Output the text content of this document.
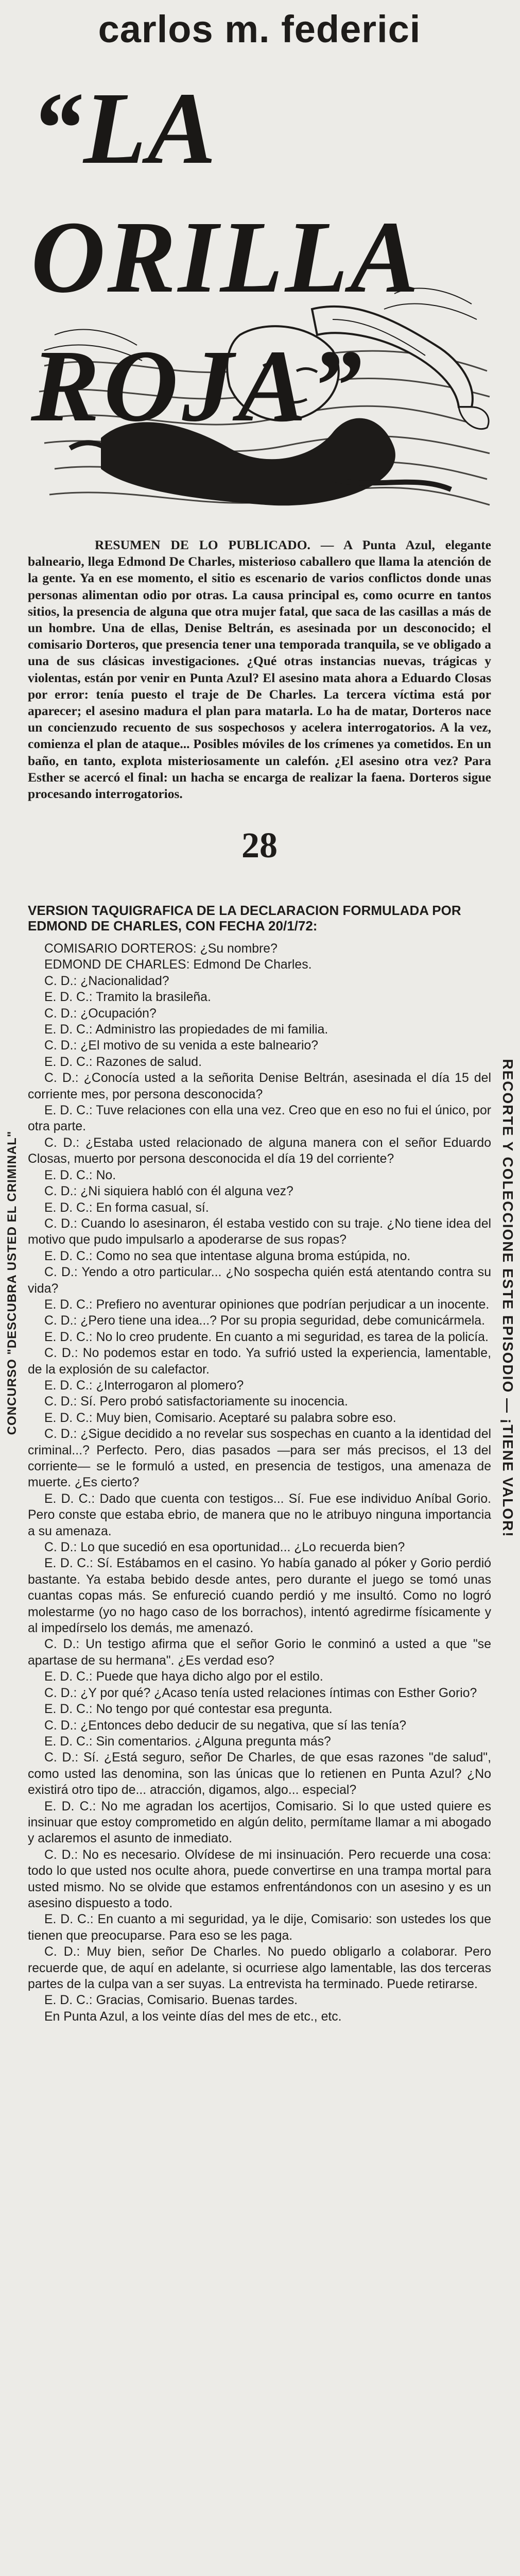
CONCURSO "DESCUBRA USTED EL CRIMINAL"	RECORTE Y COLECCIONE ESTE EPISODIO — ¡TIENE VALOR!
carlos m. federici
“LA
ORILLA
ROJA”

RESUMEN DE LO PUBLICADO. — A Punta Azul, elegante balneario, llega Edmond De Charles, misterioso caballero que llama la atención de la gente. Ya en ese momento, el sitio es escenario de varios conflictos donde unas personas alimentan odio por otras. La causa principal es, como ocurre en tantos sitios, la presencia de alguna que otra mujer fatal, que saca de las casillas a más de un hombre. Una de ellas, Denise Beltrán, es asesinada por un desconocido; el comisario Dorteros, que presencia tener una temporada tranquila, se ve obligado a una de sus clásicas investigaciones. ¿Qué otras instancias nuevas, trágicas y violentas, están por venir en Punta Azul? El asesino mata ahora a Eduardo Closas por error: tenía puesto el traje de De Charles. La tercera víctima está por aparecer; el asesino madura el plan para matarla. Lo ha de matar, Dorteros nace un concienzudo recuento de sus sospechosos y acelera interrogatorios. A la vez, comienza el plan de ataque... Posibles móviles de los crímenes ya cometidos. En un baño, en tanto, explota misteriosamente un calefón. ¿El asesino otra vez? Para Esther se acercó el final: un hacha se encarga de realizar la faena. Dorteros sigue procesando interrogatorios.

28

VERSION TAQUIGRAFICA DE LA DECLARACION FORMULADA POR EDMOND DE CHARLES, CON FECHA 20/1/72:

COMISARIO DORTEROS: ¿Su nombre?

EDMOND DE CHARLES: Edmond De Charles.

C. D.: ¿Nacionalidad?

E. D. C.: Tramito la brasileña.

C. D.: ¿Ocupación?

E. D. C.: Administro las propiedades de mi familia.

C. D.: ¿El motivo de su venida a este balneario?

E. D. C.: Razones de salud.

C. D.: ¿Conocía usted a la señorita Denise Beltrán, asesinada el día 15 del corriente mes, por persona desconocida?

E. D. C.: Tuve relaciones con ella una vez. Creo que en eso no fui el único, por otra parte.

C. D.: ¿Estaba usted relacionado de alguna manera con el señor Eduardo Closas, muerto por persona desconocida el día 19 del corriente?

E. D. C.: No.

C. D.: ¿Ni siquiera habló con él alguna vez?

E. D. C.: En forma casual, sí.

C. D.: Cuando lo asesinaron, él estaba vestido con su traje. ¿No tiene idea del motivo que pudo impulsarlo a apoderarse de sus ropas?

E. D. C.: Como no sea que intentase alguna broma estúpida, no.

C. D.: Yendo a otro particular... ¿No sospecha quién está atentando contra su vida?

E. D. C.: Prefiero no aventurar opiniones que podrían perjudicar a un inocente.

C. D.: ¿Pero tiene una idea...? Por su propia seguridad, debe comunicármela.

E. D. C.: No lo creo prudente. En cuanto a mi seguridad, es tarea de la policía.

C. D.: No podemos estar en todo. Ya sufrió usted la experiencia, lamentable, de la explosión de su calefactor.

E. D. C.: ¿Interrogaron al plomero?

C. D.: Sí. Pero probó satisfactoriamente su inocencia.

E. D. C.: Muy bien, Comisario. Aceptaré su palabra sobre eso.

C. D.: ¿Sigue decidido a no revelar sus sospechas en cuanto a la identidad del criminal...? Perfecto. Pero, dias pasados —para ser más precisos, el 13 del corriente— se le formuló a usted, en presencia de testigos, una amenaza de muerte. ¿Es cierto?

E. D. C.: Dado que cuenta con testigos... Sí. Fue ese individuo Aníbal Gorio. Pero conste que estaba ebrio, de manera que no le atribuyo ninguna importancia a su amenaza.

C. D.: Lo que sucedió en esa oportunidad... ¿Lo recuerda bien?

E. D. C.: Sí. Estábamos en el casino. Yo había ganado al póker y Gorio perdió bastante. Ya estaba bebido desde antes, pero durante el juego se tomó unas cuantas copas más. Se enfureció cuando perdió y me insultó. Como no logró molestarme (yo no hago caso de los borrachos), intentó agredirme físicamente y al impedírselo los demás, me amenazó.

C. D.: Un testigo afirma que el señor Gorio le conminó a usted a que "se apartase de su hermana". ¿Es verdad eso?

E. D. C.: Puede que haya dicho algo por el estilo.

C. D.: ¿Y por qué? ¿Acaso tenía usted relaciones íntimas con Esther Gorio?

E. D. C.: No tengo por qué contestar esa pregunta.

C. D.: ¿Entonces debo deducir de su negativa, que sí las tenía?

E. D. C.: Sin comentarios. ¿Alguna pregunta más?

C. D.: Sí. ¿Está seguro, señor De Charles, de que esas razones "de salud", como usted las denomina, son las únicas que lo retienen en Punta Azul? ¿No existirá otro tipo de... atracción, digamos, algo... especial?

E. D. C.: No me agradan los acertijos, Comisario. Si lo que usted quiere es insinuar que estoy comprometido en algún delito, permítame llamar a mi abogado y aclaremos el asunto de inmediato.

C. D.: No es necesario. Olvídese de mi insinuación. Pero recuerde una cosa: todo lo que usted nos oculte ahora, puede convertirse en una trampa mortal para usted mismo. No se olvide que estamos enfrentándonos con un asesino y es un asesino dispuesto a todo.

E. D. C.: En cuanto a mi seguridad, ya le dije, Comisario: son ustedes los que tienen que preocuparse. Para eso se les paga.

C. D.: Muy bien, señor De Charles. No puedo obligarlo a colaborar. Pero recuerde que, de aquí en adelante, si ocurriese algo lamentable, las dos terceras partes de la culpa van a ser suyas. La entrevista ha terminado. Puede retirarse.

E. D. C.: Gracias, Comisario. Buenas tardes.

En Punta Azul, a los veinte días del mes de etc., etc.
